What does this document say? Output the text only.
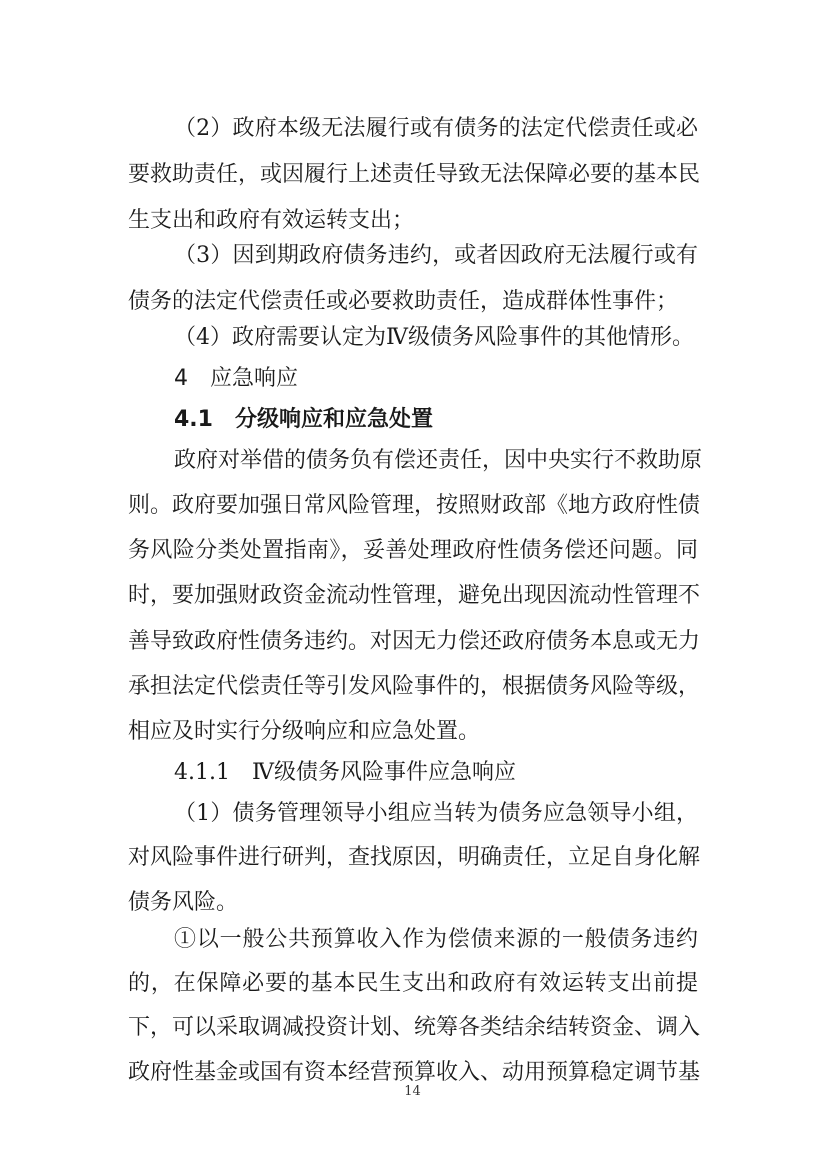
（2）政府本级无法履行或有债务的法定代偿责任或必
要救助责任，或因履行上述责任导致无法保障必要的基本民
生支出和政府有效运转支出；
（3）因到期政府债务违约，或者因政府无法履行或有
债务的法定代偿责任或必要救助责任，造成群体性事件；
（4）政府需要认定为Ⅳ级债务风险事件的其他情形。
4　应急响应
4.1　分级响应和应急处置
政府对举借的债务负有偿还责任，因中央实行不救助原
则。政府要加强日常风险管理，按照财政部《地方政府性债
务风险分类处置指南》，妥善处理政府性债务偿还问题。同
时，要加强财政资金流动性管理，避免出现因流动性管理不
善导致政府性债务违约。对因无力偿还政府债务本息或无力
承担法定代偿责任等引发风险事件的，根据债务风险等级，
相应及时实行分级响应和应急处置。
4.1.1　Ⅳ级债务风险事件应急响应
（1）债务管理领导小组应当转为债务应急领导小组，
对风险事件进行研判，查找原因，明确责任，立足自身化解
债务风险。
①以一般公共预算收入作为偿债来源的一般债务违约
的，在保障必要的基本民生支出和政府有效运转支出前提
下，可以采取调减投资计划、统筹各类结余结转资金、调入
政府性基金或国有资本经营预算收入、动用预算稳定调节基
14
